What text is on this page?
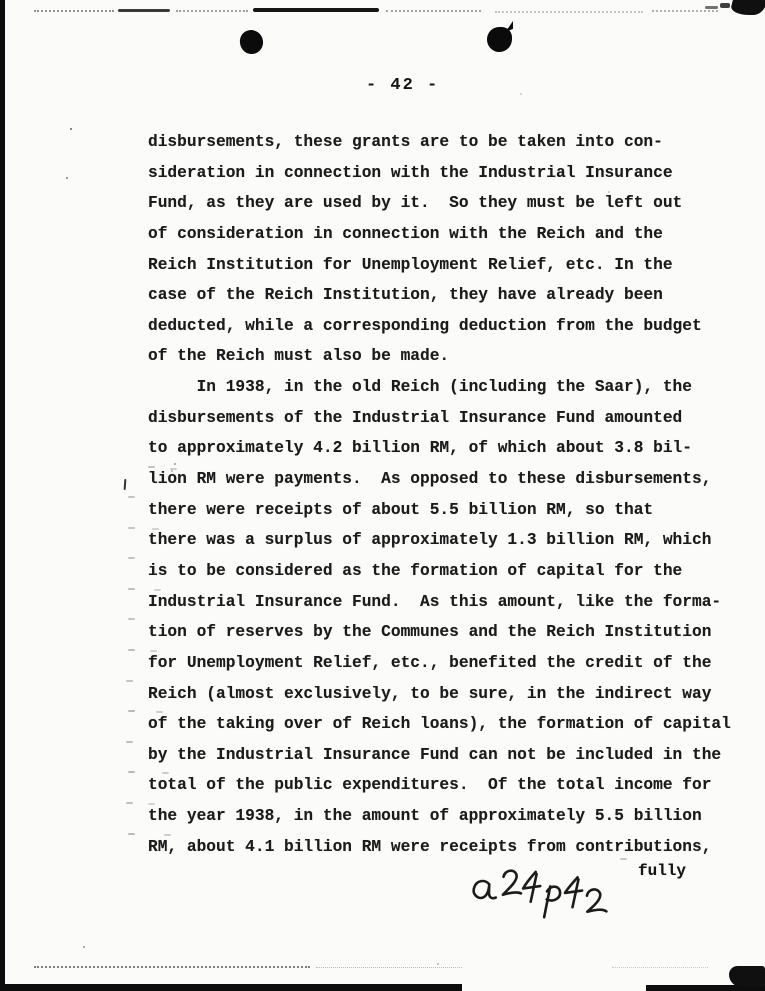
- 42 -
disbursements, these grants are to be taken into con-
sideration in connection with the Industrial Insurance
Fund, as they are used by it.  So they must be left out
of consideration in connection with the Reich and the
Reich Institution for Unemployment Relief, etc. In the
case of the Reich Institution, they have already been
deducted, while a corresponding deduction from the budget
of the Reich must also be made.
In 1938, in the old Reich (including the Saar), the
disbursements of the Industrial Insurance Fund amounted
to approximately 4.2 billion RM, of which about 3.8 bil-
lion RM were payments.  As opposed to these disbursements,
there were receipts of about 5.5 billion RM, so that
there was a surplus of approximately 1.3 billion RM, which
is to be considered as the formation of capital for the
Industrial Insurance Fund.  As this amount, like the forma-
tion of reserves by the Communes and the Reich Institution
for Unemployment Relief, etc., benefited the credit of the
Reich (almost exclusively, to be sure, in the indirect way
of the taking over of Reich loans), the formation of capital
by the Industrial Insurance Fund can not be included in the
total of the public expenditures.  Of the total income for
the year 1938, in the amount of approximately 5.5 billion
RM, about 4.1 billion RM were receipts from contributions,
fully
